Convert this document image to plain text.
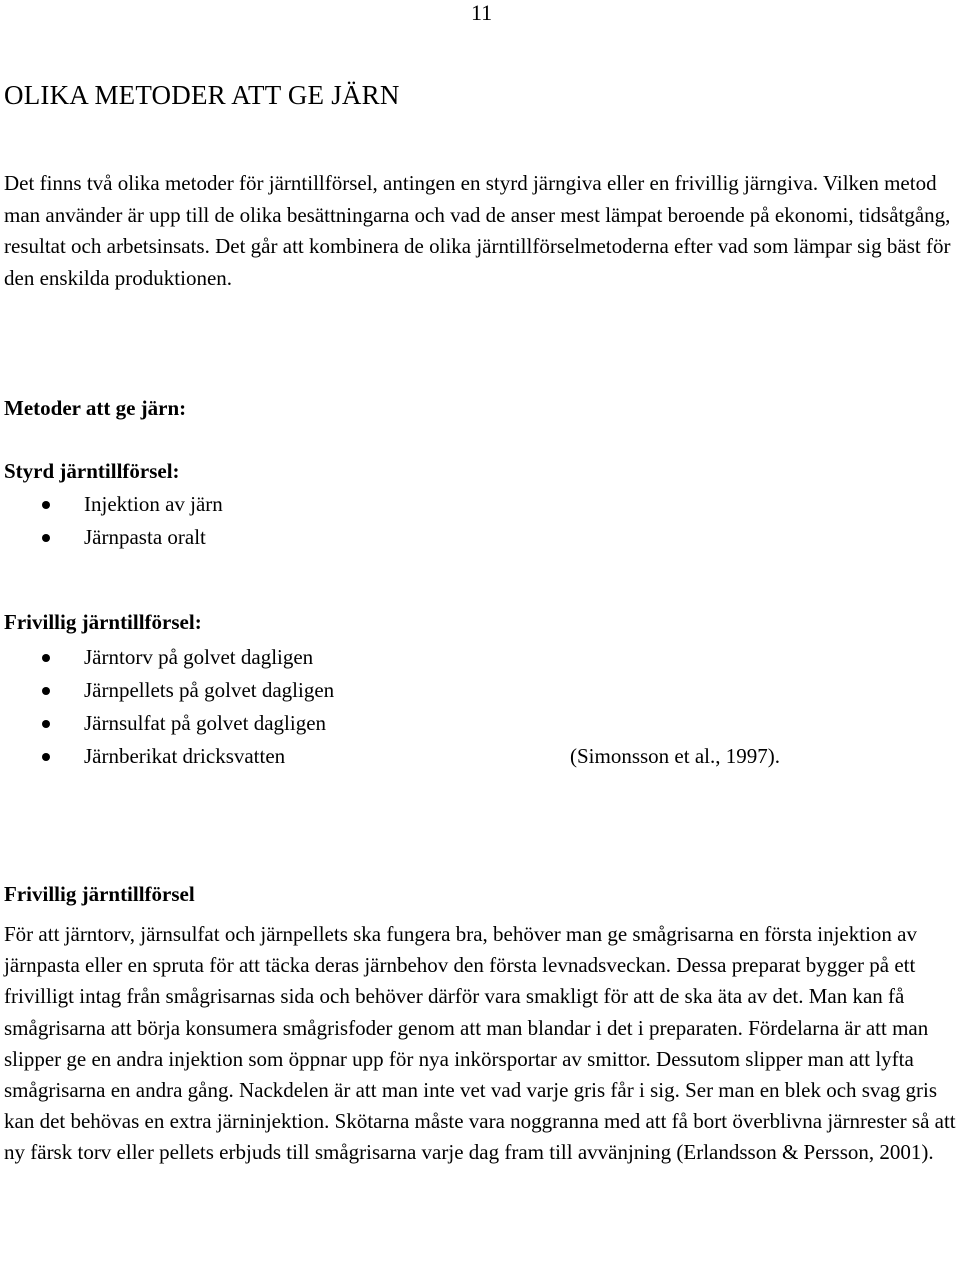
11
OLIKA METODER ATT GE JÄRN

Det finns två olika metoder för järntillförsel, antingen en styrd järngiva eller en frivillig järngiva. Vilken metod man använder är upp till de olika besättningarna och vad de anser mest lämpat beroende på ekonomi, tidsåtgång, resultat och arbetsinsats. Det går att kombinera de olika järntillförselmetoderna efter vad som lämpar sig bäst för den enskilda produktionen.

Metoder att ge järn:
Styrd järntillförsel:
Injektion av järn
Järnpasta oralt
Frivillig järntillförsel:
Järntorv på golvet dagligen
Järnpellets på golvet dagligen
Järnsulfat på golvet dagligen
Järnberikat dricksvatten	(Simonsson et al., 1997).
Frivillig järntillförsel

För att järntorv, järnsulfat och järnpellets ska fungera bra, behöver man ge smågrisarna en första injektion av järnpasta eller en spruta för att täcka deras järnbehov den första levnadsveckan. Dessa preparat bygger på ett frivilligt intag från smågrisarnas sida och behöver därför vara smakligt för att de ska äta av det. Man kan få smågrisarna att börja konsumera smågrisfoder genom att man blandar i det i preparaten. Fördelarna är att man slipper ge en andra injektion som öppnar upp för nya inkörsportar av smittor. Dessutom slipper man att lyfta smågrisarna en andra gång. Nackdelen är att man inte vet vad varje gris får i sig. Ser man en blek och svag gris kan det behövas en extra järninjektion. Skötarna måste vara noggranna med att få bort överblivna järnrester så att ny färsk torv eller pellets erbjuds till smågrisarna varje dag fram till avvänjning (Erlandsson & Persson, 2001).
